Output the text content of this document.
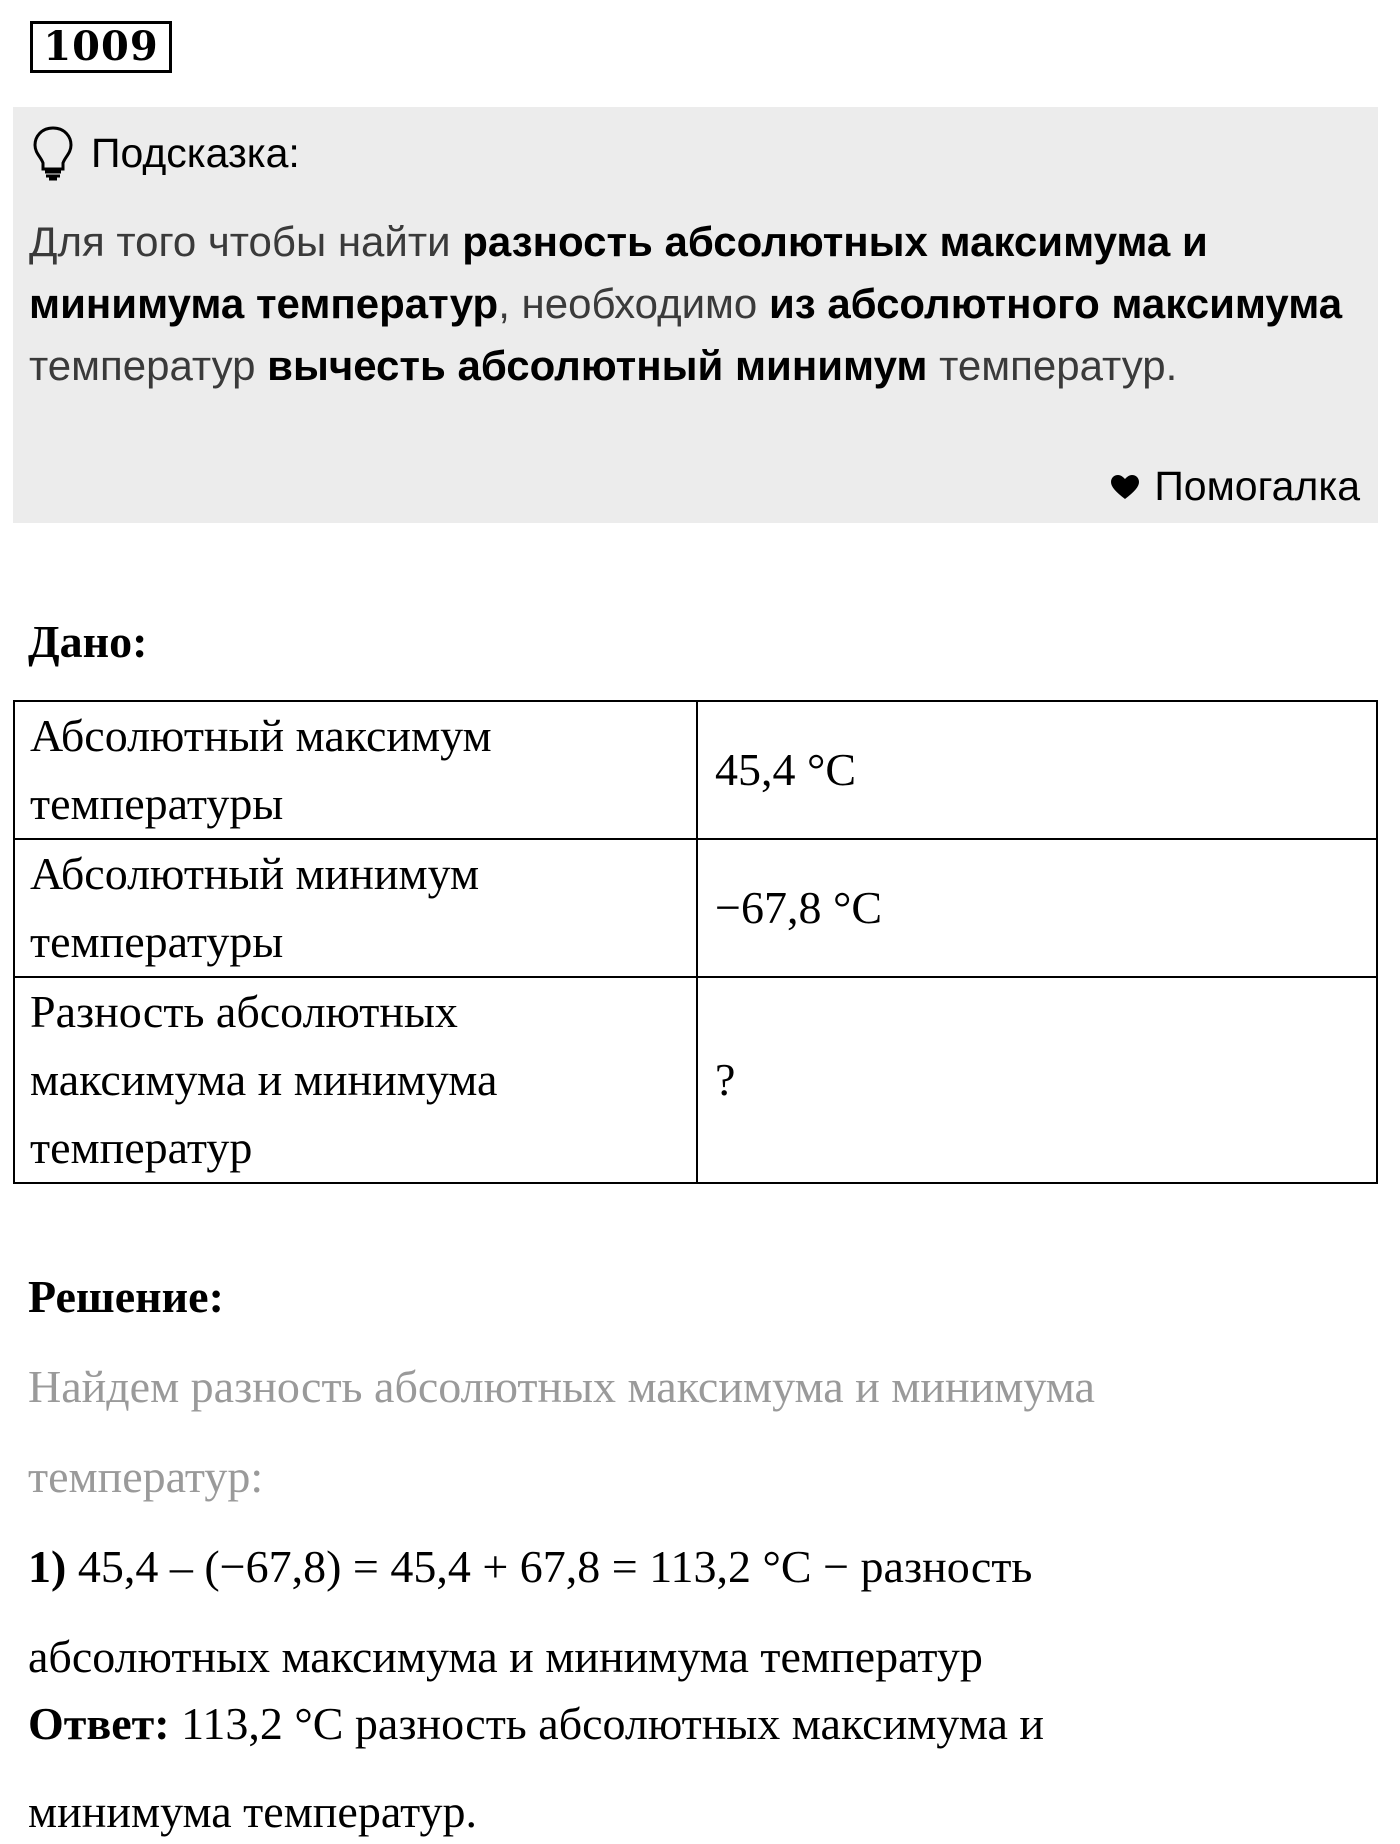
1009
Подсказка:
Для того чтобы найти разность абсолютных максимума и минимума температур, необходимо из абсолютного максимума температур вычесть абсолютный минимум температур.
Помогалка
Дано:
Абсолютный максимум
температуры	45,4 °C

Абсолютный минимум
температуры	−67,8 °C

Разность абсолютных
максимума и минимума
температур	?
Решение:
Найдем разность абсолютных максимума и минимума
температур:
1) 45,4 – (−67,8) = 45,4 + 67,8 = 113,2 °C − разность
абсолютных максимума и минимума температур
Ответ: 113,2 °C разность абсолютных максимума и
минимума температур.
